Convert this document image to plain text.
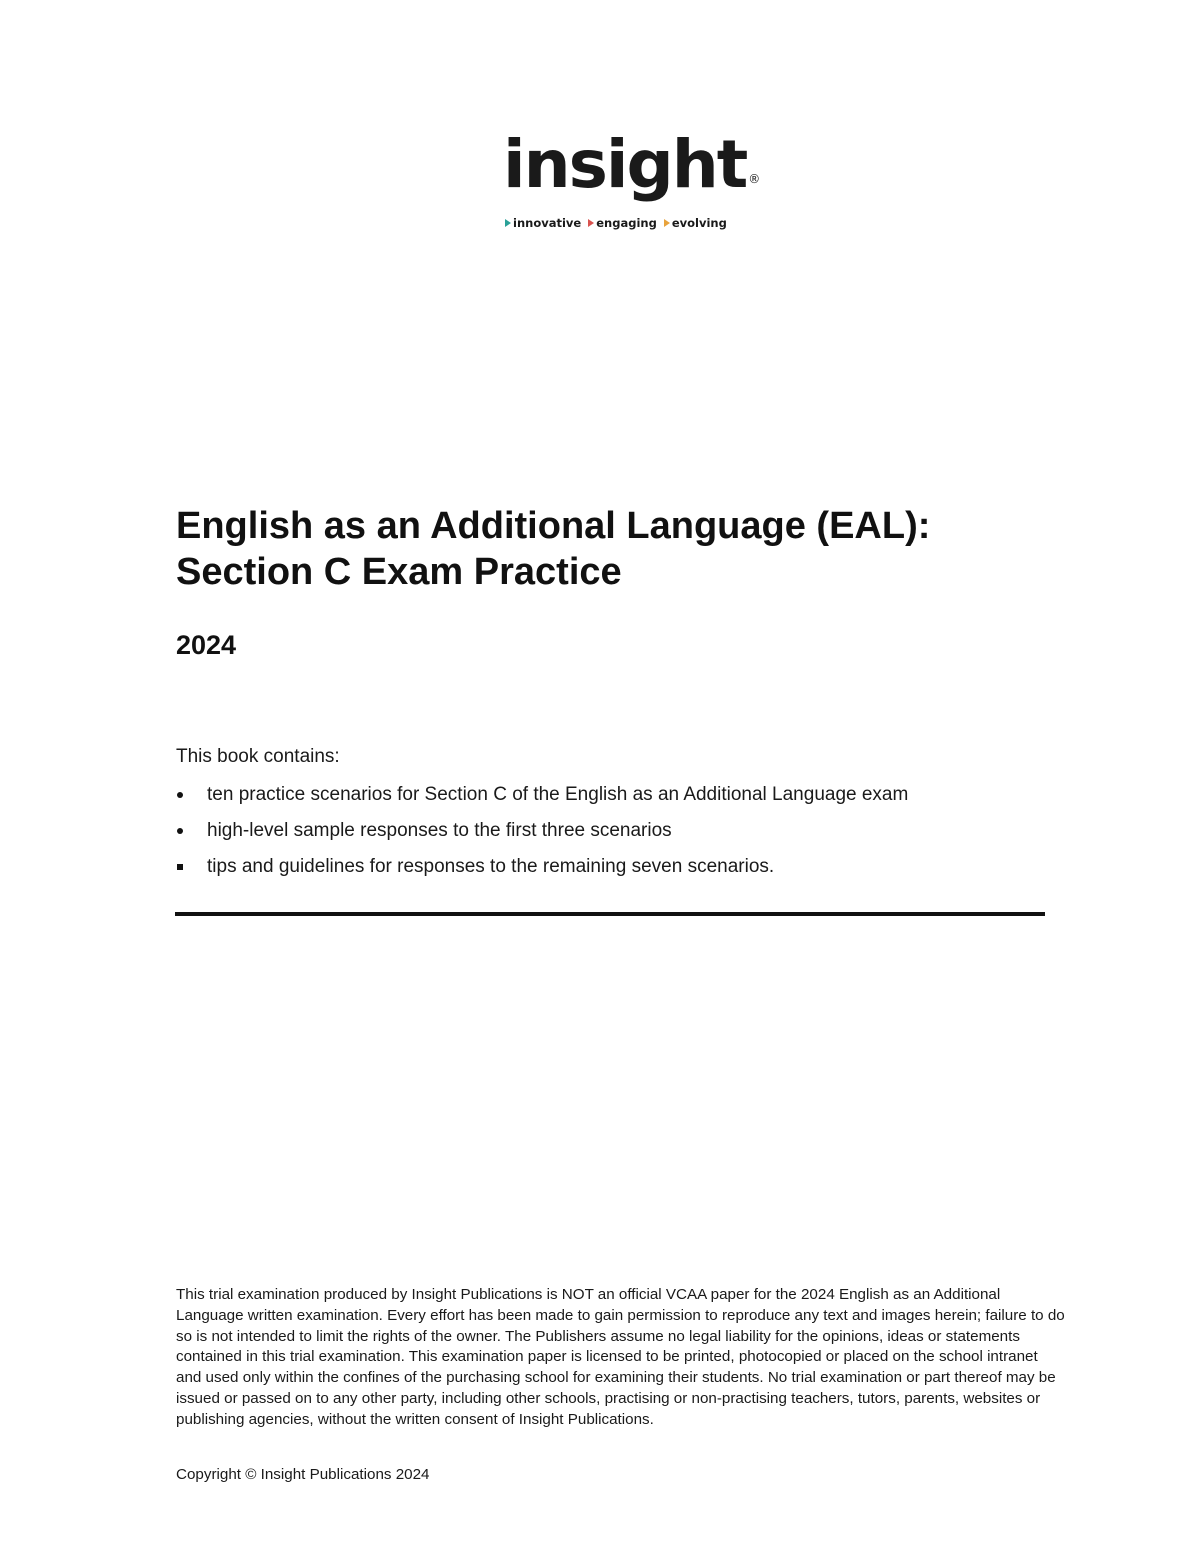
insight ®
innovative engaging evolving
English as an Additional Language (EAL):
Section C Exam Practice
2024

This book contains:

ten practice scenarios for Section C of the English as an Additional Language exam
high-level sample responses to the first three scenarios
tips and guidelines for responses to the remaining seven scenarios.

This trial examination produced by Insight Publications is NOT an official VCAA paper for the 2024 English as an Additional Language written examination. Every effort has been made to gain permission to reproduce any text and images herein; failure to do so is not intended to limit the rights of the owner. The Publishers assume no legal liability for the opinions, ideas or statements contained in this trial examination. This examination paper is licensed to be printed, photocopied or placed on the school intranet and used only within the confines of the purchasing school for examining their students. No trial examination or part thereof may be issued or passed on to any other party, including other schools, practising or non-practising teachers, tutors, parents, websites or publishing agencies, without the written consent of Insight Publications.

Copyright © Insight Publications 2024
